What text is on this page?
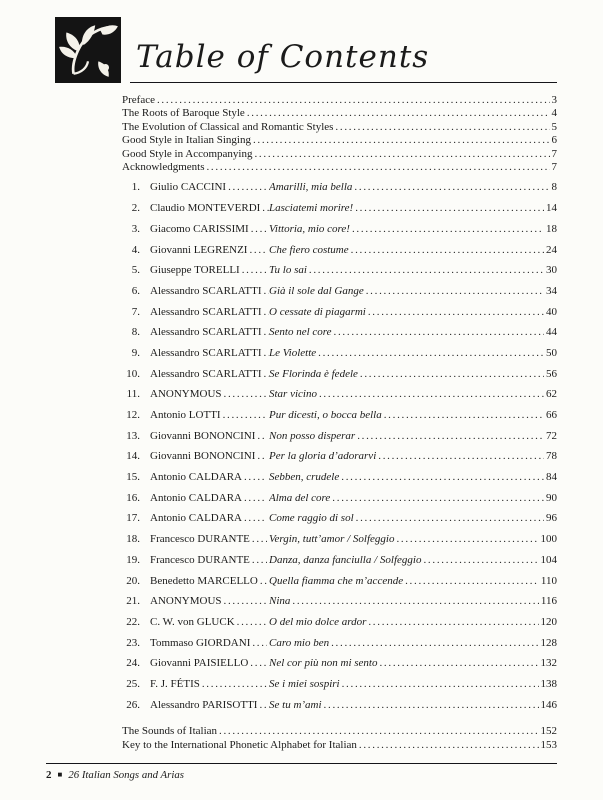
Table of Contents
Preface .....	3
The Roots of Baroque Style .....	4
The Evolution of Classical and Romantic Styles .....	5
Good Style in Italian Singing .....	6
Good Style in Accompanying .....	7
Acknowledgments .....	7
1. Giulio CACCINI .....	Amarilli, mia bella .....	8
2. Claudio MONTEVERDI ..... Lasciatemi morire! .....	14
3. Giacomo CARISSIMI ..... Vittoria, mio core! .....	18
4. Giovanni LEGRENZI ..... Che fiero costume .....	24
5. Giuseppe TORELLI .....	Tu lo sai .....	30
6. Alessandro SCARLATTI ..... Già il sole dal Gange .....	34
7. Alessandro SCARLATTI ..... O cessate di piagarmi .....	40
8. Alessandro SCARLATTI ..... Sento nel core .....	44
9. Alessandro SCARLATTI ..... Le Violette .....	50
10. Alessandro SCARLATTI ..... Se Florinda è fedele .....	56
11. ANONYMOUS .....	Star vicino .....	62
12. Antonio LOTTI .....	Pur dicesti, o bocca bella .....	66
13. Giovanni BONONCINI ..... Non posso disperar .....	72
14. Giovanni BONONCINI ..... Per la gloria d’adorarvi .....	78
15. Antonio CALDARA ..... Sebben, crudele .....	84
16. Antonio CALDARA ..... Alma del core .....	90
17. Antonio CALDARA ..... Come raggio di sol .....	96
18. Francesco DURANTE ..... Vergin, tutt’amor / Solfeggio .....	100
19. Francesco DURANTE ..... Danza, danza fanciulla / Solfeggio .....	104
20. Benedetto MARCELLO ..... Quella fiamma che m’accende .....	110
21. ANONYMOUS .....	Nina .....	116
22. C. W. von GLUCK .....	O del mio dolce ardor .....	120
23. Tommaso GIORDANI ..... Caro mio ben .....	128
24. Giovanni PAISIELLO ..... Nel cor più non mi sento .....	132
25. F. J. FÉTIS .....	Se i miei sospiri .....	138
26. Alessandro PARISOTTI ..... Se tu m’ami .....	146
The Sounds of Italian .....	152
Key to the International Phonetic Alphabet for Italian .....	153
2 ■ 26 Italian Songs and Arias
